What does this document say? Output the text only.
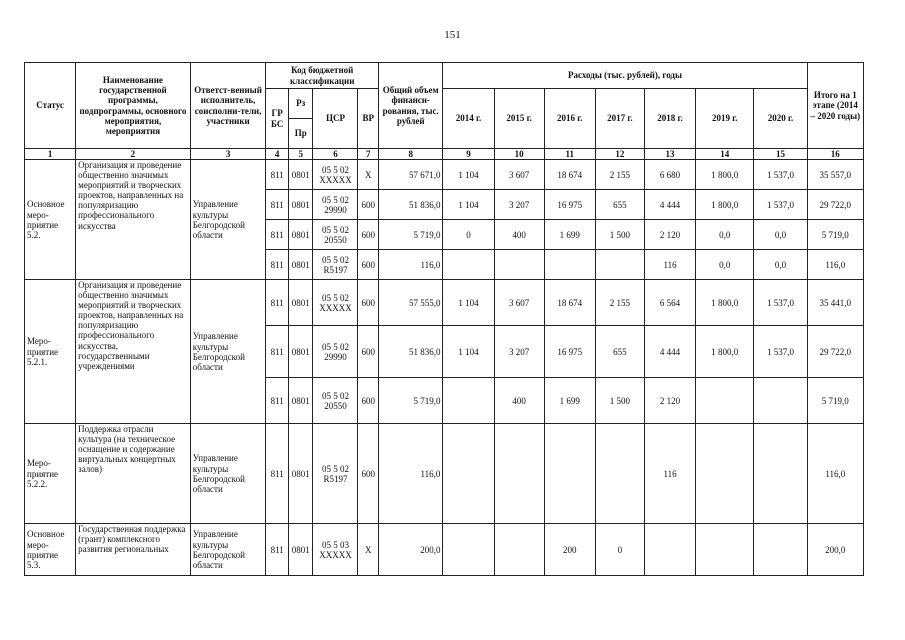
151
Статус	Наименование государственной программы, подпрограммы, основного мероприятия, мероприятия	Ответст-венный исполнитель, соисполни-тели, участники	Код бюджетной классификации				Общий объем финанси-рования, тыс. рублей	Расходы (тыс. рублей), годы							Итого на 1 этапе (2014 – 2020 годы)
			ГР БС	Рз	ЦСР	ВР		2014 г.	2015 г.	2016 г.	2017 г.	2018 г.	2019 г.	2020 г.	
				Пр											
1	2	3	4	5	6	7	8	9	10	11	12	13	14	15	16
Основное меро-приятие 5.2.	Организация и проведение общественно значимых мероприятий и творческих проектов, направленных на популяризацию профессионального искусства	Управление культуры Белгородской области	811	0801	05 5 02 XXXXX	X	57 671,0	1 104	3 607	18 674	2 155	6 680	1 800,0	1 537,0	35 557,0
			811	0801	05 5 02 29990	600	51 836,0	1 104	3 207	16 975	655	4 444	1 800,0	1 537,0	29 722,0
			811	0801	05 5 02 20550	600	5 719,0	0	400	1 699	1 500	2 120	0,0	0,0	5 719,0
			811	0801	05 5 02 R5197	600	116,0					116	0,0	0,0	116,0
Меро-приятие 5.2.1.	Организация и проведение общественно значимых мероприятий и творческих проектов, направленных на популяризацию профессионального искусства, государственными учреждениями	Управление культуры Белгородской области	811	0801	05 5 02 XXXXX	600	57 555,0	1 104	3 607	18 674	2 155	6 564	1 800,0	1 537,0	35 441,0
			811	0801	05 5 02 29990	600	51 836,0	1 104	3 207	16 975	655	4 444	1 800,0	1 537,0	29 722,0
			811	0801	05 5 02 20550	600	5 719,0		400	1 699	1 500	2 120			5 719,0
Меро-приятие 5.2.2.	Поддержка отрасли культура (на техническое оснащение и содержание виртуальных концертных залов)	Управление культуры Белгородской области	811	0801	05 5 02 R5197	600	116,0					116			116,0
Основное меро-приятие 5.3.	Государственная поддержка (грант) комплексного развития региональных	Управление культуры Белгородской области	811	0801	05 5 03 XXXXX	X	200,0			200	0				200,0
